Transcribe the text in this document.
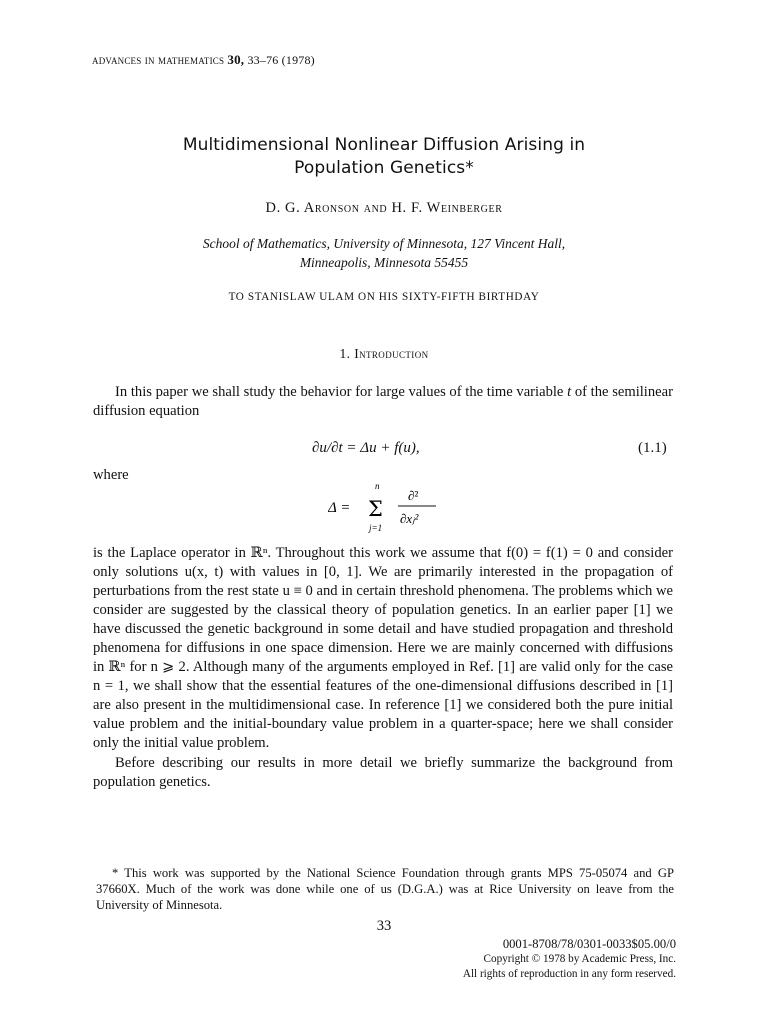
advances in mathematics 30, 33–76 (1978)
Multidimensional Nonlinear Diffusion Arising in
Population Genetics*
D. G. Aronson and H. F. Weinberger
School of Mathematics, University of Minnesota, 127 Vincent Hall,
Minneapolis, Minnesota 55455
TO STANISLAW ULAM ON HIS SIXTY-FIFTH BIRTHDAY
1. Introduction

In this paper we shall study the behavior for large values of the time variable t of the semilinear diffusion equation

∂u/∂t = Δu + f(u),	(1.1)
where
Δ =
n
Σ
j=1
∂²
∂xⱼ²

is the Laplace operator in ℝⁿ. Throughout this work we assume that f(0) = f(1) = 0 and consider only solutions u(x, t) with values in [0, 1]. We are primarily interested in the propagation of perturbations from the rest state u ≡ 0 and in certain threshold phenomena. The problems which we consider are suggested by the classical theory of population genetics. In an earlier paper [1] we have discussed the genetic background in some detail and have studied propagation and threshold phenomena for diffusions in one space dimension. Here we are mainly concerned with diffusions in ℝⁿ for n ⩾ 2. Although many of the arguments employed in Ref. [1] are valid only for the case n = 1, we shall show that the essential features of the one-dimensional diffusions described in [1] are also present in the multidimensional case. In reference [1] we considered both the pure initial value problem and the initial-boundary value problem in a quarter-space; here we shall consider only the initial value problem.

Before describing our results in more detail we briefly summarize the background from population genetics.

* This work was supported by the National Science Foundation through grants MPS 75-05074 and GP 37660X. Much of the work was done while one of us (D.G.A.) was at Rice University on leave from the University of Minnesota.

33
0001-8708/78/0301-0033$05.00/0
Copyright © 1978 by Academic Press, Inc.
All rights of reproduction in any form reserved.
